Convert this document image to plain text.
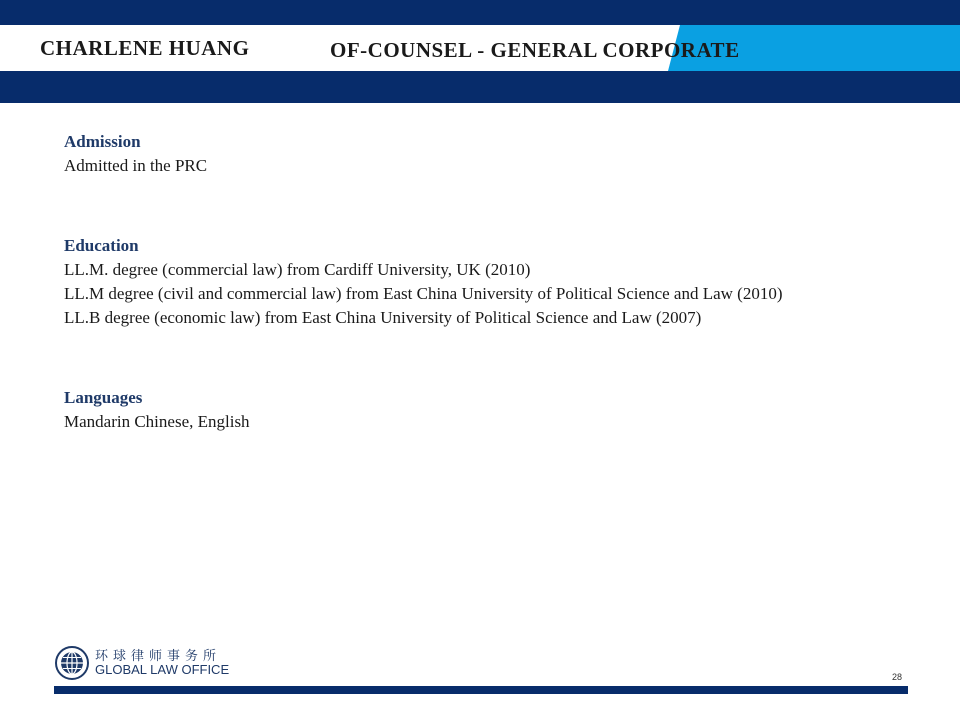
CHARLENE HUANG	OF-COUNSEL - GENERAL CORPORATE
Admission

Admitted in the PRC

Education

LL.M. degree (commercial law) from Cardiff University, UK (2010)

LL.M degree (civil and commercial law) from East China University of Political Science and Law (2010)

LL.B degree (economic law) from East China University of Political Science and Law (2007)

Languages

Mandarin Chinese, English

环球律师事务所
GLOBAL LAW OFFICE	28
